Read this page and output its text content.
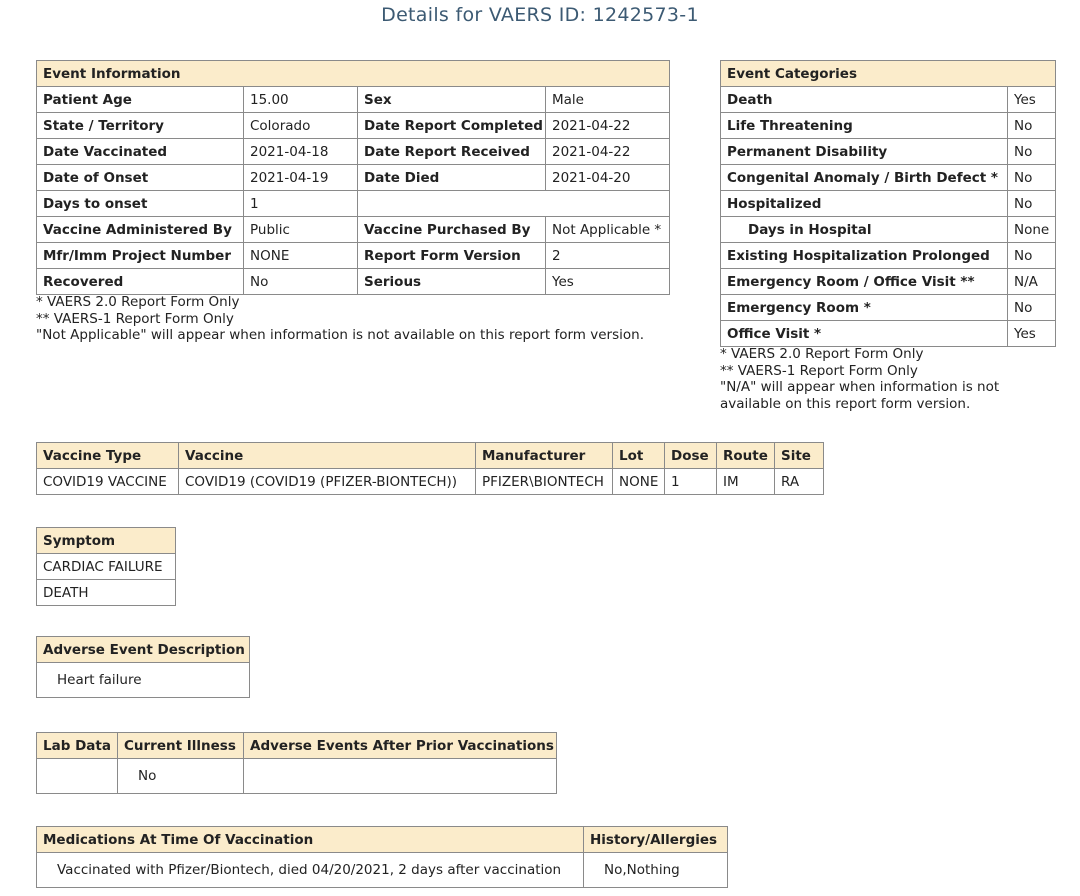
Details for VAERS ID: 1242573-1
Event Information			
Patient Age	15.00	Sex	Male
State / Territory	Colorado	Date Report Completed	2021-04-22
Date Vaccinated	2021-04-18	Date Report Received	2021-04-22
Date of Onset	2021-04-19	Date Died	2021-04-20
Days to onset	1		
Vaccine Administered By	Public	Vaccine Purchased By	Not Applicable *
Mfr/Imm Project Number	NONE	Report Form Version	2
Recovered	No	Serious	Yes
* VAERS 2.0 Report Form Only
** VAERS-1 Report Form Only
"Not Applicable" will appear when information is not available on this report form version.
Event Categories	
Death	Yes
Life Threatening	No
Permanent Disability	No
Congenital Anomaly / Birth Defect *	No
Hospitalized	No
Days in Hospital	None
Existing Hospitalization Prolonged	No
Emergency Room / Office Visit **	N/A
Emergency Room *	No
Office Visit *	Yes
* VAERS 2.0 Report Form Only
** VAERS-1 Report Form Only
"N/A" will appear when information is not
available on this report form version.
Vaccine Type	Vaccine	Manufacturer	Lot	Dose	Route	Site
COVID19 VACCINE	COVID19 (COVID19 (PFIZER-BIONTECH))	PFIZER\BIONTECH	NONE	1	IM	RA
Symptom
CARDIAC FAILURE
DEATH
Adverse Event Description
Heart failure
Lab Data	Current Illness	Adverse Events After Prior Vaccinations
	No	
Medications At Time Of Vaccination	History/Allergies
Vaccinated with Pfizer/Biontech, died 04/20/2021, 2 days after vaccination	No,Nothing
